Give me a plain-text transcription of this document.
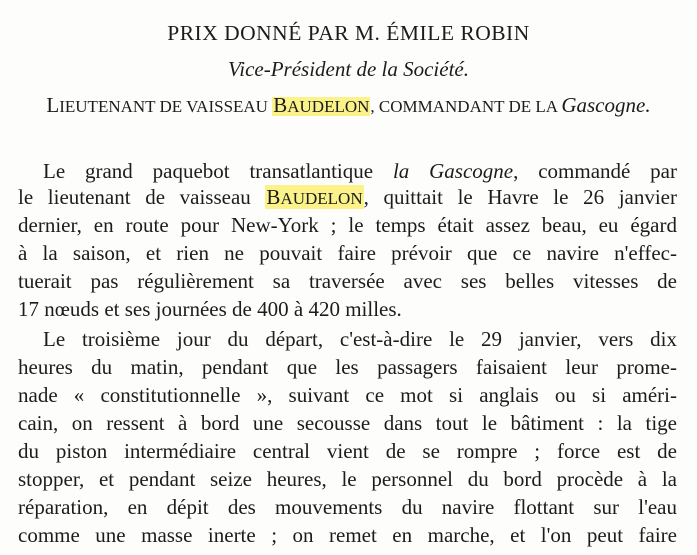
PRIX DONNÉ PAR M. ÉMILE ROBIN
Vice-Président de la Société.
LIEUTENANT DE VAISSEAU BAUDELON, COMMANDANT DE LA Gascogne.
Le grand paquebot transatlantique la Gascogne, commandé par
le lieutenant de vaisseau BAUDELON, quittait le Havre le 26 janvier
dernier, en route pour New-York ; le temps était assez beau, eu égard
à la saison, et rien ne pouvait faire prévoir que ce navire n'effec-
tuerait pas régulièrement sa traversée avec ses belles vitesses de
17 nœuds et ses journées de 400 à 420 milles.
Le troisième jour du départ, c'est-à-dire le 29 janvier, vers dix
heures du matin, pendant que les passagers faisaient leur prome-
nade « constitutionnelle », suivant ce mot si anglais ou si améri-
cain, on ressent à bord une secousse dans tout le bâtiment : la tige
du piston intermédiaire central vient de se rompre ; force est de
stopper, et pendant seize heures, le personnel du bord procède à la
réparation, en dépit des mouvements du navire flottant sur l'eau
comme une masse inerte ; on remet en marche, et l'on peut faire
